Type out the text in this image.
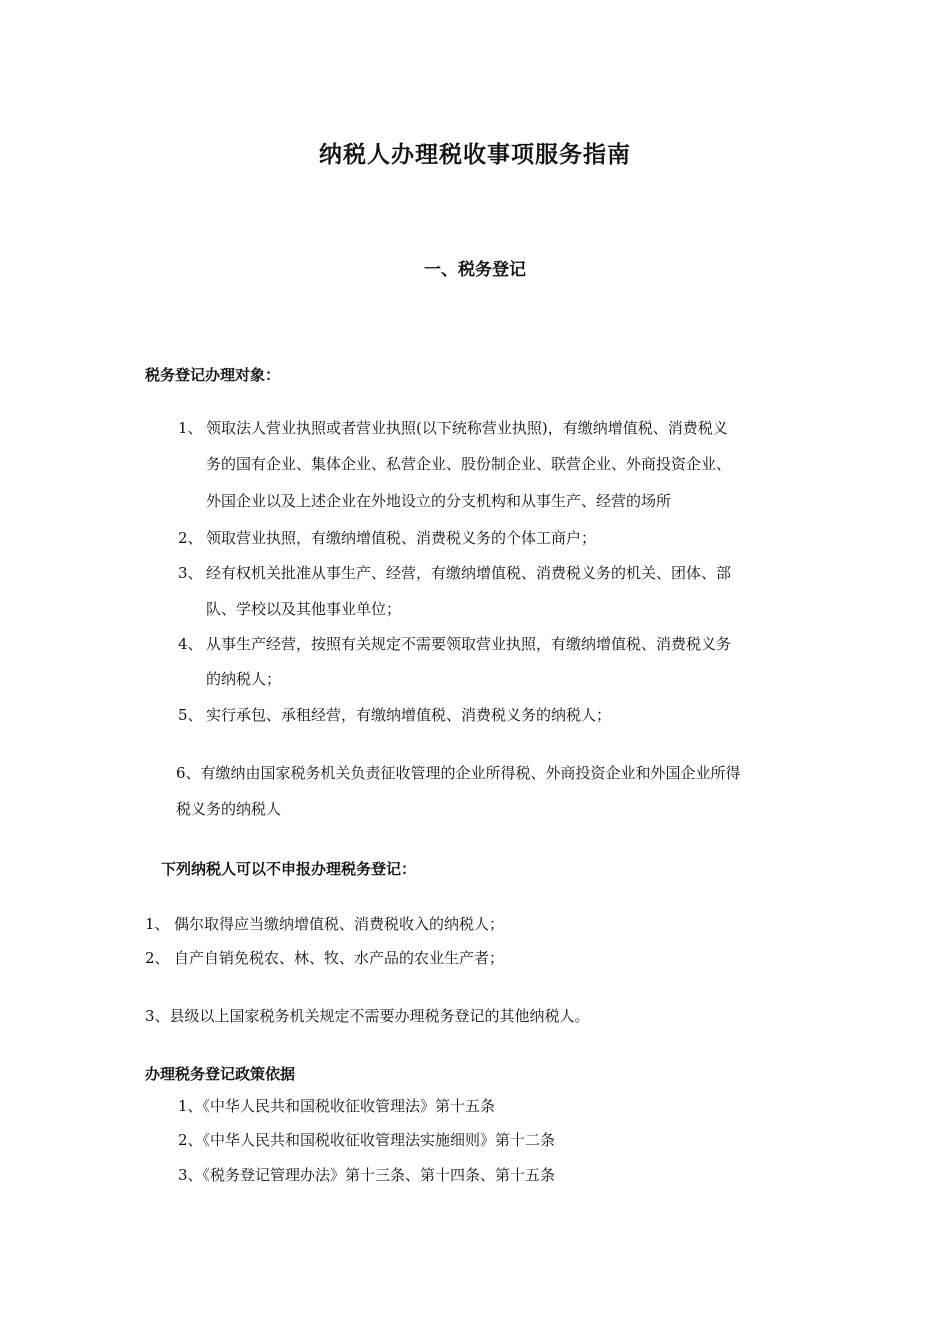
纳税人办理税收事项服务指南
一、税务登记
税务登记办理对象：
1、 领取法人营业执照或者营业执照(以下统称营业执照)，有缴纳增值税、消费税义
务的国有企业、集体企业、私营企业、股份制企业、联营企业、外商投资企业、
外国企业以及上述企业在外地设立的分支机构和从事生产、经营的场所
2、 领取营业执照，有缴纳增值税、消费税义务的个体工商户；
3、 经有权机关批准从事生产、经营，有缴纳增值税、消费税义务的机关、团体、部
队、学校以及其他事业单位；
4、 从事生产经营，按照有关规定不需要领取营业执照，有缴纳增值税、消费税义务
的纳税人；
5、 实行承包、承租经营，有缴纳增值税、消费税义务的纳税人；
6、有缴纳由国家税务机关负责征收管理的企业所得税、外商投资企业和外国企业所得
税义务的纳税人
下列纳税人可以不申报办理税务登记：
1、 偶尔取得应当缴纳增值税、消费税收入的纳税人；
2、 自产自销免税农、林、牧、水产品的农业生产者；
3、县级以上国家税务机关规定不需要办理税务登记的其他纳税人。
办理税务登记政策依据
1、《中华人民共和国税收征收管理法》第十五条
2、《中华人民共和国税收征收管理法实施细则》第十二条
3、《税务登记管理办法》第十三条、第十四条、第十五条
